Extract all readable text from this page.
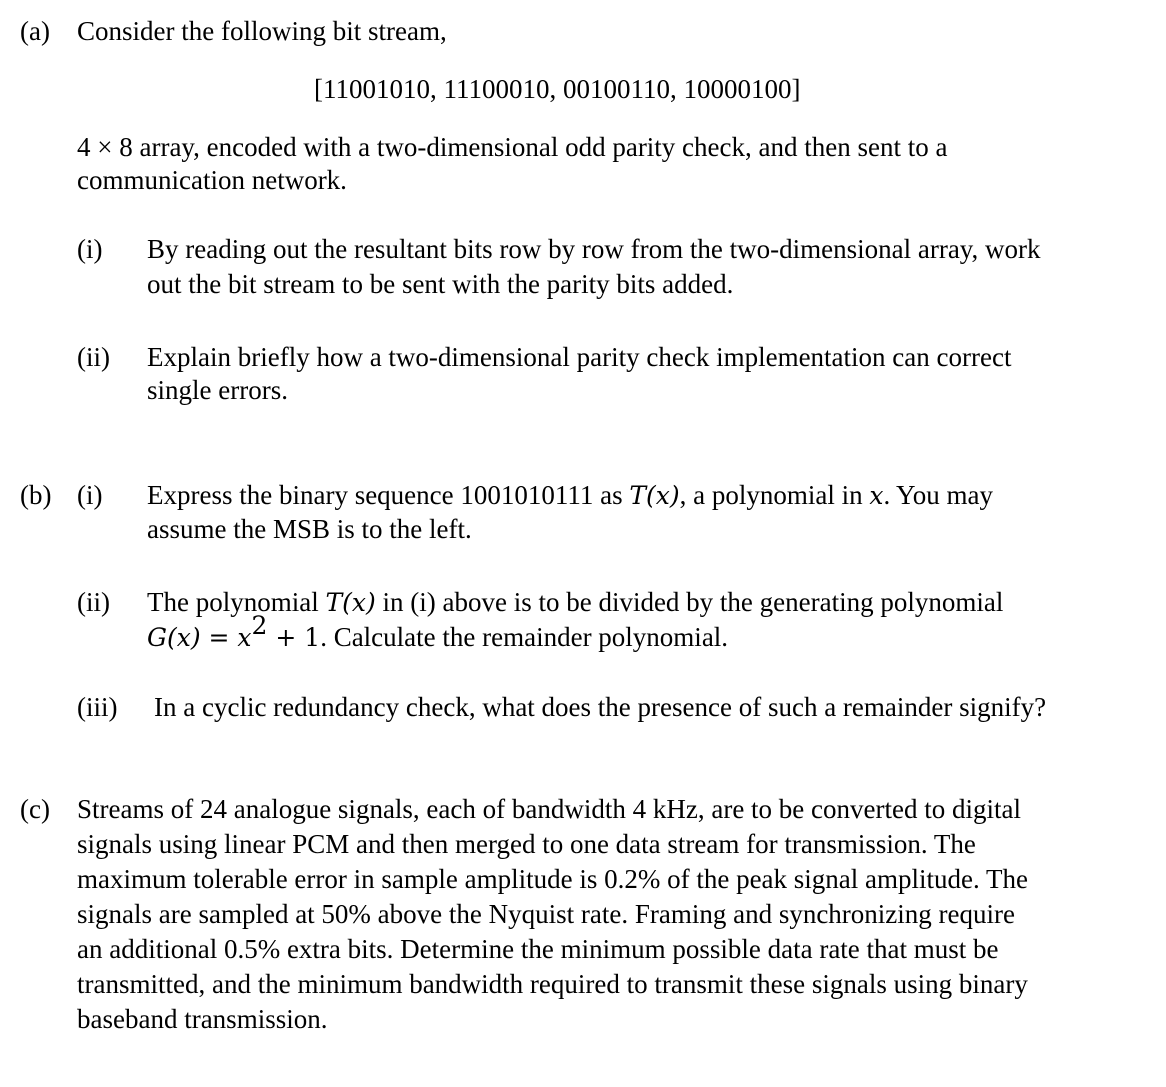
(a) Consider the following bit stream,
[11001010, 11100010, 00100110, 10000100]
4 × 8 array, encoded with a two-dimensional odd parity check, and then sent to a
communication network.
(i) By reading out the resultant bits row by row from the two-dimensional array, work
out the bit stream to be sent with the parity bits added.
(ii) Explain briefly how a two-dimensional parity check implementation can correct
single errors.
(b) (i) Express the binary sequence 1001010111 as T(x), a polynomial in x. You may
assume the MSB is to the left.
(ii) The polynomial T(x) in (i) above is to be divided by the generating polynomial
$G(x) = x^2 + 1$. Calculate the remainder polynomial.
(iii) In a cyclic redundancy check, what does the presence of such a remainder signify?
(c) Streams of 24 analogue signals, each of bandwidth 4 kHz, are to be converted to digital
signals using linear PCM and then merged to one data stream for transmission. The
maximum tolerable error in sample amplitude is 0.2% of the peak signal amplitude. The
signals are sampled at 50% above the Nyquist rate. Framing and synchronizing require
an additional 0.5% extra bits. Determine the minimum possible data rate that must be
transmitted, and the minimum bandwidth required to transmit these signals using binary
baseband transmission.
